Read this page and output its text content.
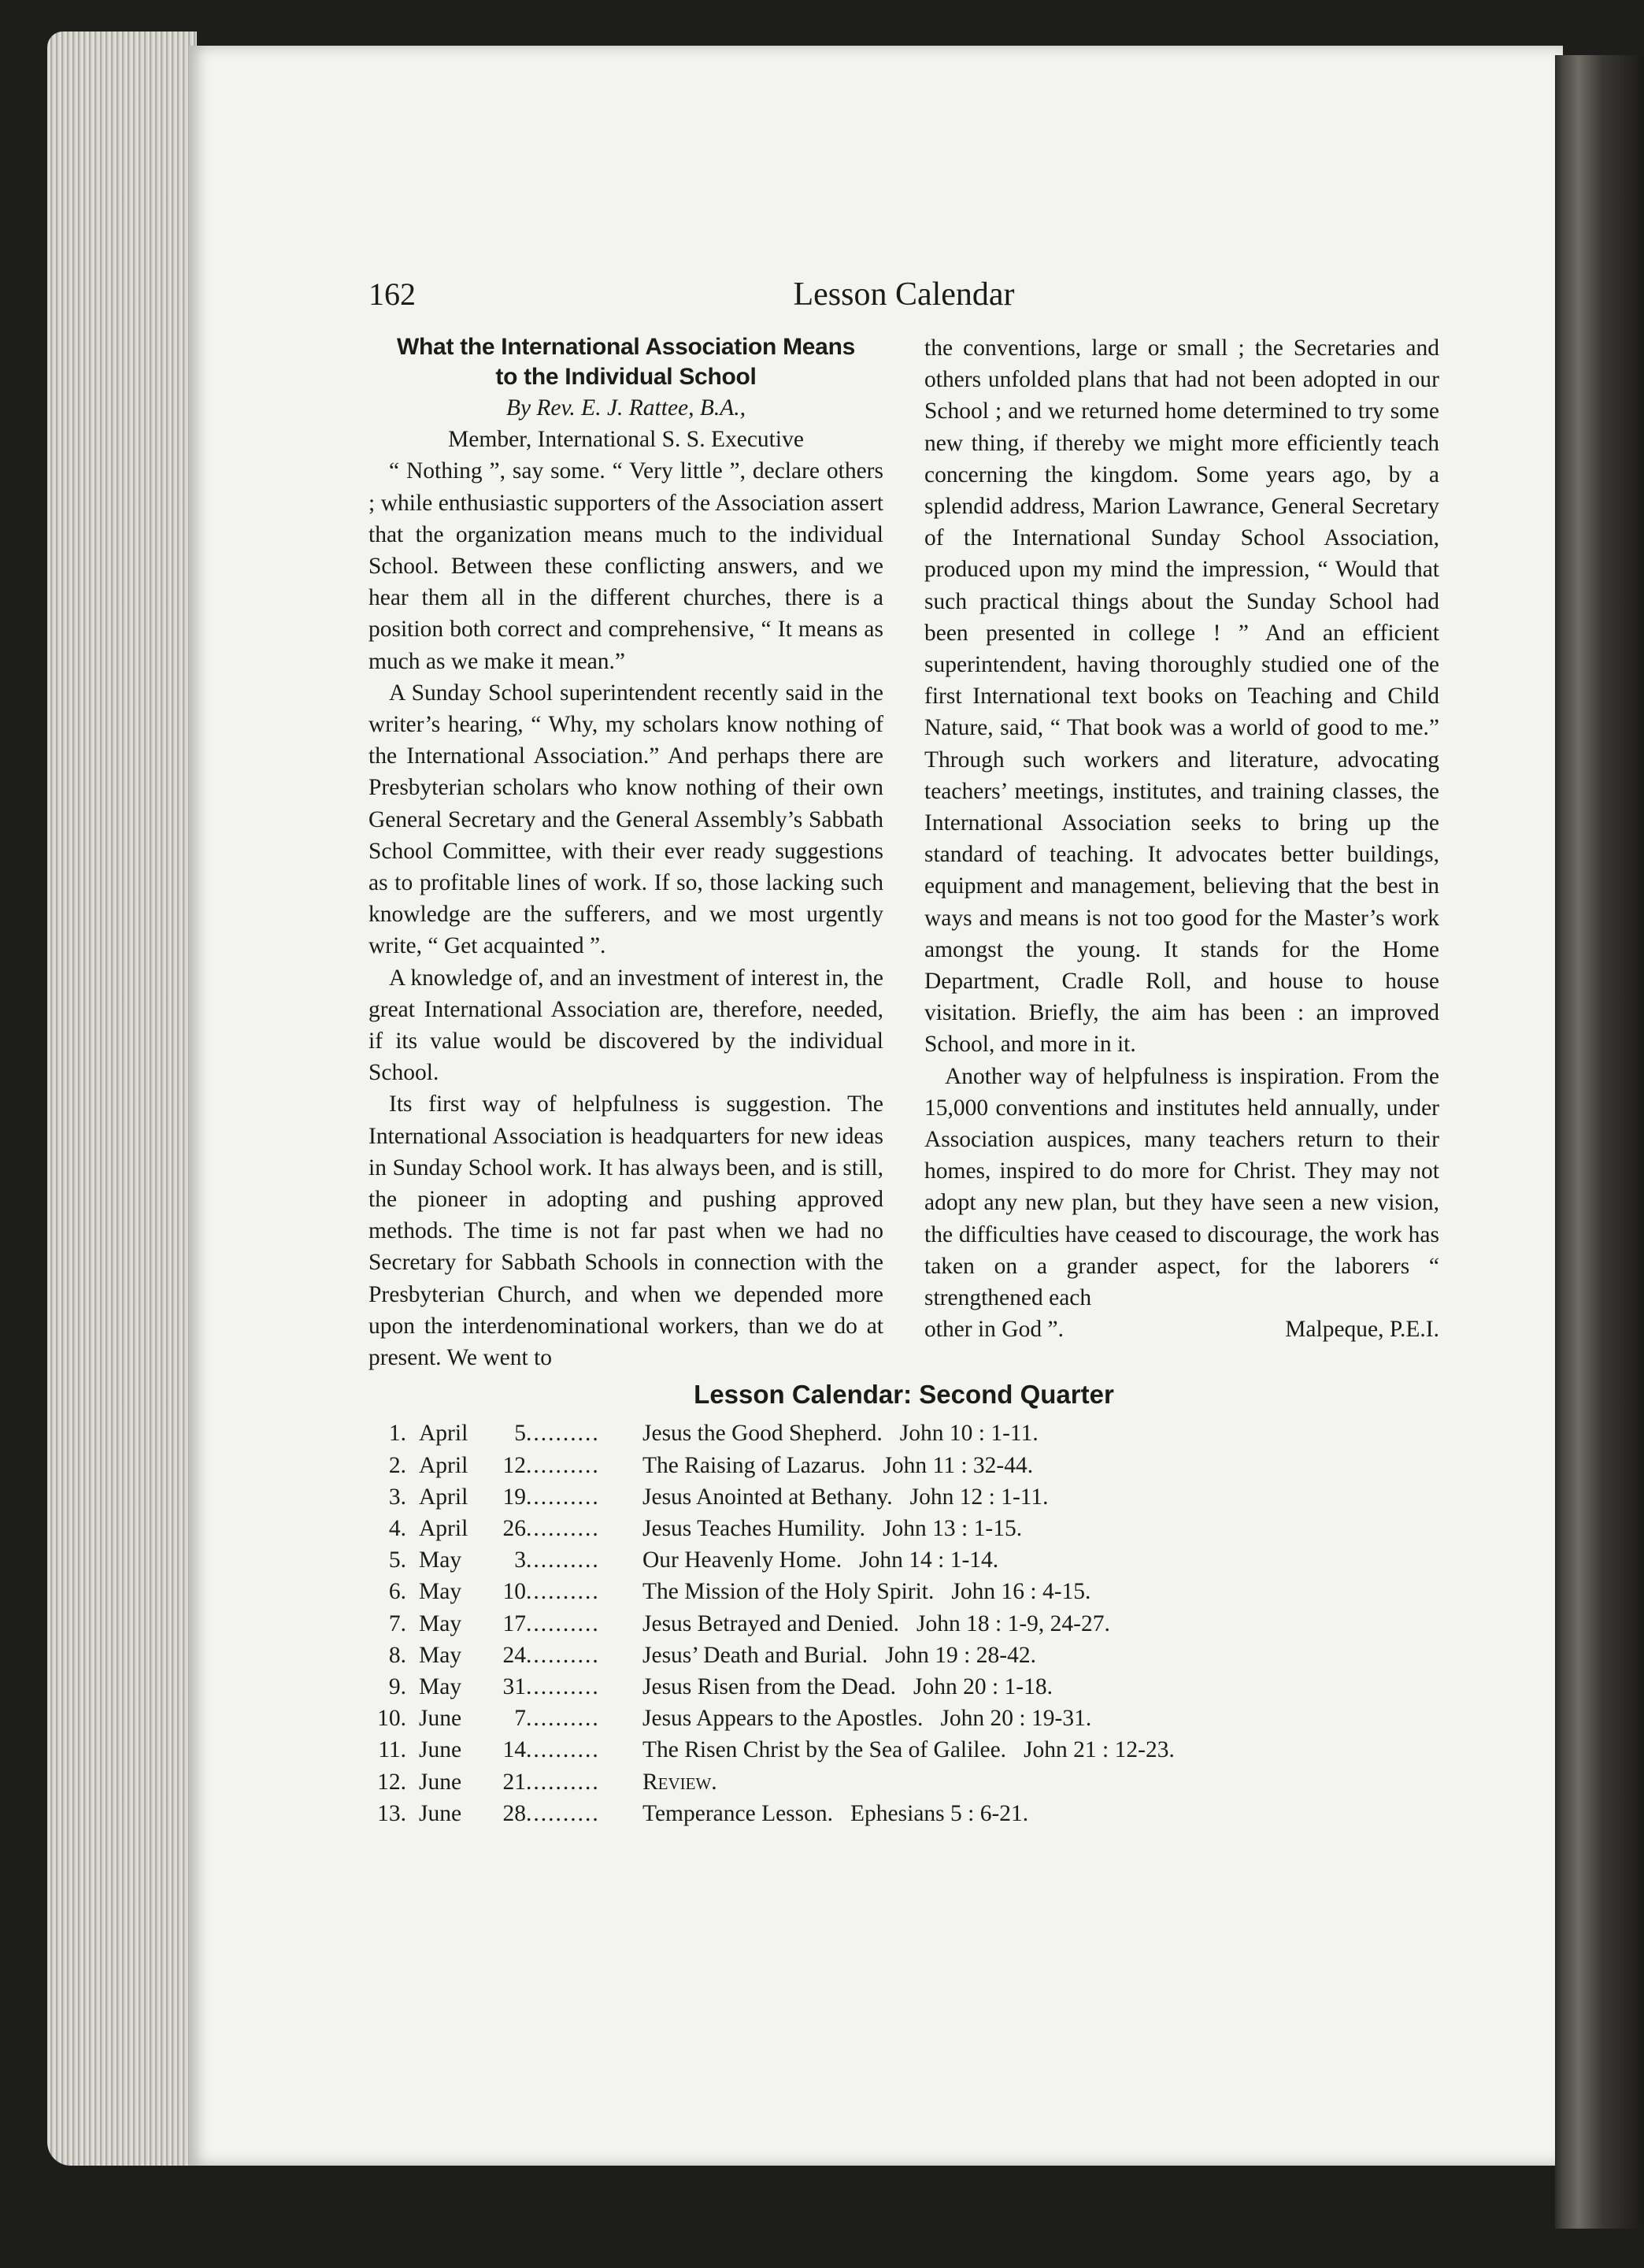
162	Lesson Calendar
What the International Association Means
to the Individual School
By Rev. E. J. Rattee, B.A.,
Member, International S. S. Executive

“ Nothing ”, say some. “ Very little ”, declare others ; while enthusiastic supporters of the Association assert that the organization means much to the individual School. Between these conflicting answers, and we hear them all in the different churches, there is a position both correct and comprehensive, “ It means as much as we make it mean.”

A Sunday School superintendent recently said in the writer’s hearing, “ Why, my scholars know nothing of the International Association.” And perhaps there are Presbyterian scholars who know nothing of their own General Secretary and the General Assembly’s Sabbath School Committee, with their ever ready suggestions as to profitable lines of work. If so, those lacking such knowledge are the sufferers, and we most urgently write, “ Get acquainted ”.

A knowledge of, and an investment of interest in, the great International Association are, therefore, needed, if its value would be discovered by the individual School.

Its first way of helpfulness is suggestion. The International Association is headquarters for new ideas in Sunday School work. It has always been, and is still, the pioneer in adopting and pushing approved methods. The time is not far past when we had no Secretary for Sabbath Schools in connection with the Presbyterian Church, and when we depended more upon the interdenominational workers, than we do at present. We went to

the conventions, large or small ; the Secretaries and others unfolded plans that had not been adopted in our School ; and we returned home determined to try some new thing, if thereby we might more efficiently teach concerning the kingdom. Some years ago, by a splendid address, Marion Lawrance, General Secretary of the International Sunday School Association, produced upon my mind the impression, “ Would that such practical things about the Sunday School had been presented in college ! ” And an efficient superintendent, having thoroughly studied one of the first International text books on Teaching and Child Nature, said, “ That book was a world of good to me.” Through such workers and literature, advocating teachers’ meetings, institutes, and training classes, the International Association seeks to bring up the standard of teaching. It advocates better buildings, equipment and management, believing that the best in ways and means is not too good for the Master’s work amongst the young. It stands for the Home Department, Cradle Roll, and house to house visitation. Briefly, the aim has been : an improved School, and more in it.

Another way of helpfulness is inspiration. From the 15,000 conventions and institutes held annually, under Association auspices, many teachers return to their homes, inspired to do more for Christ. They may not adopt any new plan, but they have seen a new vision, the difficulties have ceased to discourage, the work has taken on a grander aspect, for the laborers “ strengthened each

other in God ”.	Malpeque, P.E.I.
Lesson Calendar: Second Quarter
1. April	5 ..........	Jesus the Good Shepherd. John 10 : 1-11.
2. April	12 ..........	The Raising of Lazarus. John 11 : 32-44.
3. April	19 ..........	Jesus Anointed at Bethany. John 12 : 1-11.
4. April	26 ..........	Jesus Teaches Humility. John 13 : 1-15.
5. May	3 ..........	Our Heavenly Home. John 14 : 1-14.
6. May	10 ..........	The Mission of the Holy Spirit. John 16 : 4-15.
7. May	17 ..........	Jesus Betrayed and Denied. John 18 : 1-9, 24-27.
8. May	24 ..........	Jesus’ Death and Burial. John 19 : 28-42.
9. May	31 ..........	Jesus Risen from the Dead. John 20 : 1-18.
10. June	7 ..........	Jesus Appears to the Apostles. John 20 : 19-31.
11. June	14 ..........	The Risen Christ by the Sea of Galilee. John 21 : 12-23.
12. June	21 ..........	Review.
13. June	28 ..........	Temperance Lesson. Ephesians 5 : 6-21.
